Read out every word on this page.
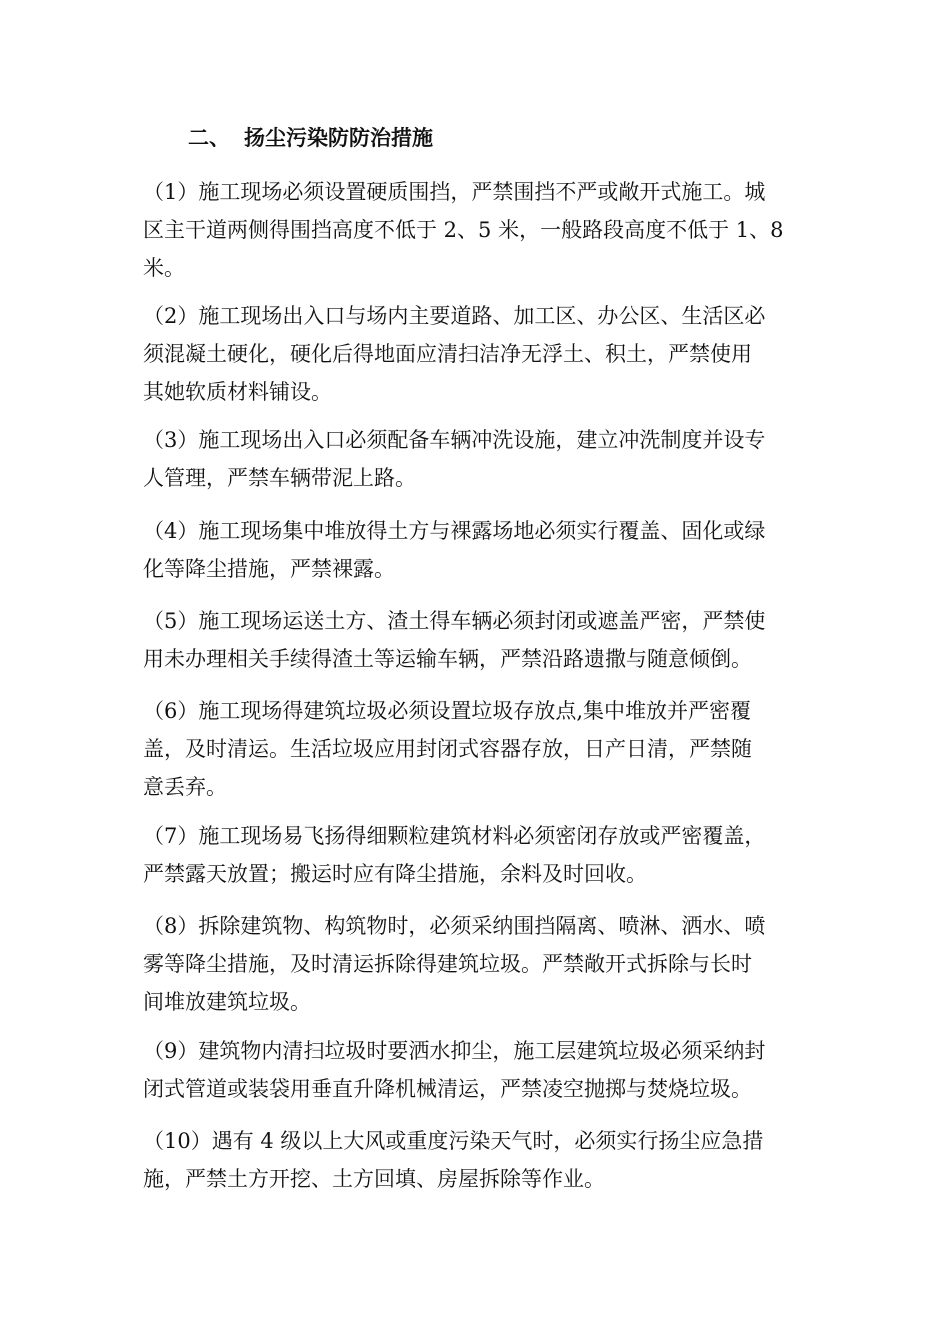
二、 扬尘污染防防治措施

（1）施工现场必须设置硬质围挡，严禁围挡不严或敞开式施工。城
区主干道两侧得围挡高度不低于 2、5 米，一般路段高度不低于 1、8
米。

（2）施工现场出入口与场内主要道路、加工区、办公区、生活区必
须混凝土硬化，硬化后得地面应清扫洁净无浮土、积土，严禁使用
其她软质材料铺设。

（3）施工现场出入口必须配备车辆冲洗设施，建立冲洗制度并设专
人管理，严禁车辆带泥上路。

（4）施工现场集中堆放得土方与裸露场地必须实行覆盖、固化或绿
化等降尘措施，严禁裸露。

（5）施工现场运送土方、渣土得车辆必须封闭或遮盖严密，严禁使
用未办理相关手续得渣土等运输车辆，严禁沿路遗撒与随意倾倒。

（6）施工现场得建筑垃圾必须设置垃圾存放点,集中堆放并严密覆
盖，及时清运。生活垃圾应用封闭式容器存放，日产日清，严禁随
意丢弃。

（7）施工现场易飞扬得细颗粒建筑材料必须密闭存放或严密覆盖，
严禁露天放置；搬运时应有降尘措施，余料及时回收。

（8）拆除建筑物、构筑物时，必须采纳围挡隔离、喷淋、洒水、喷
雾等降尘措施，及时清运拆除得建筑垃圾。严禁敞开式拆除与长时
间堆放建筑垃圾。

（9）建筑物内清扫垃圾时要洒水抑尘，施工层建筑垃圾必须采纳封
闭式管道或装袋用垂直升降机械清运，严禁凌空抛掷与焚烧垃圾。

（10）遇有 4 级以上大风或重度污染天气时，必须实行扬尘应急措
施，严禁土方开挖、土方回填、房屋拆除等作业。
